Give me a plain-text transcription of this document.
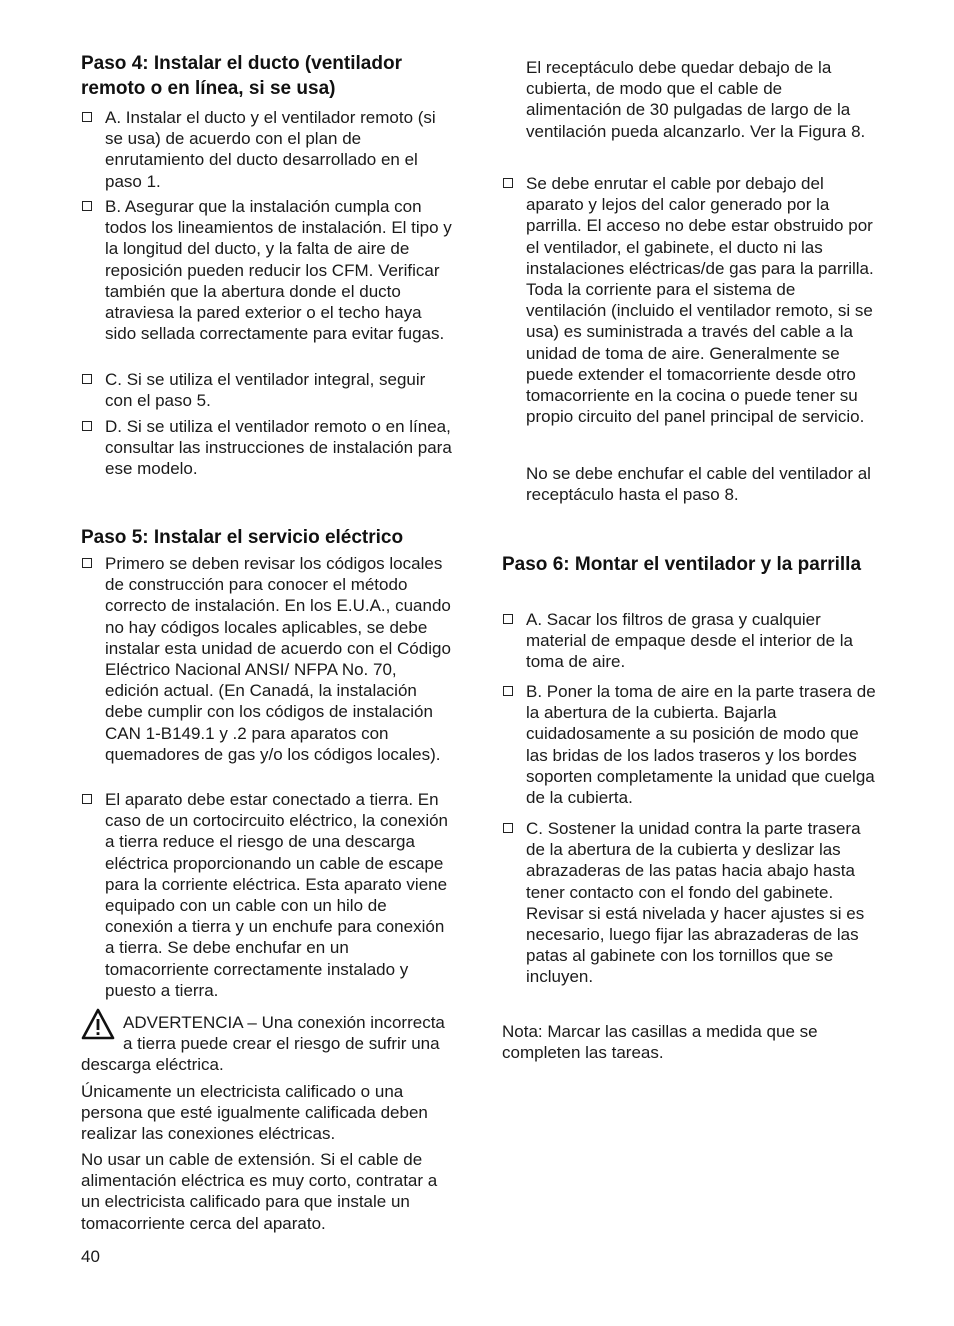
Paso 4: Instalar el ducto (ventilador remoto o en línea, si se usa)
A. Instalar el ducto y el ventilador remoto (si se usa) de acuerdo con el plan de enrutamiento del ducto desarrollado en el paso 1.
B. Asegurar que la instalación cumpla con todos los lineamientos de instalación. El tipo y la longitud del ducto, y la falta de aire de reposición pueden reducir los CFM. Verificar también que la abertura donde el ducto atraviesa la pared exterior o el techo haya sido sellada correctamente para evitar fugas.
C. Si se utiliza el ventilador integral, seguir con el paso 5.
D. Si se utiliza el ventilador remoto o en línea, consultar las instrucciones de instalación para ese modelo.
Paso 5: Instalar el servicio eléctrico
Primero se deben revisar los códigos locales de construcción para conocer el método correcto de instalación. En los E.U.A., cuando no hay códigos locales aplicables, se debe instalar esta unidad de acuerdo con el Código Eléctrico Nacional ANSI/ NFPA No. 70, edición actual. (En Canadá, la instalación debe cumplir con los códigos de instalación CAN 1-B149.1 y .2 para aparatos con quemadores de gas y/o los códigos locales).
El aparato debe estar conectado a tierra. En caso de un cortocircuito eléctrico, la conexión a tierra reduce el riesgo de una descarga eléctrica proporcionando un cable de escape para la corriente eléctrica. Esta aparato viene equipado con un cable con un hilo de conexión a tierra y un enchufe para conexión a tierra. Se debe enchufar en un tomacorriente correctamente instalado y puesto a tierra.
ADVERTENCIA – Una conexión incorrecta a tierra puede crear el riesgo de sufrir una descarga eléctrica.
Únicamente un electricista calificado o una persona que esté igualmente calificada deben realizar las conexiones eléctricas.
No usar un cable de extensión. Si el cable de alimentación eléctrica es muy corto, contratar a un electricista calificado para que instale un tomacorriente cerca del aparato.
El receptáculo debe quedar debajo de la cubierta, de modo que el cable de alimentación de 30 pulgadas de largo de la ventilación pueda alcanzarlo. Ver la Figura 8.
Se debe enrutar el cable por debajo del aparato y lejos del calor generado por la parrilla. El acceso no debe estar obstruido por el ventilador, el gabinete, el ducto ni las instalaciones eléctricas/de gas para la parrilla. Toda la corriente para el sistema de ventilación (incluido el ventilador remoto, si se usa) es suministrada a través del cable a la unidad de toma de aire. Generalmente se puede extender el tomacorriente desde otro tomacorriente en la cocina o puede tener su propio circuito del panel principal de servicio.
No se debe enchufar el cable del ventilador al receptáculo hasta el paso 8.
Paso 6: Montar el ventilador y la parrilla
A. Sacar los filtros de grasa y cualquier material de empaque desde el interior de la toma de aire.
B. Poner la toma de aire en la parte trasera de la abertura de la cubierta. Bajarla cuidadosamente a su posición de modo que las bridas de los lados traseros y los bordes soporten completamente la unidad que cuelga de la cubierta.
C. Sostener la unidad contra la parte trasera de la abertura de la cubierta y deslizar las abrazaderas de las patas hacia abajo hasta tener contacto con el fondo del gabinete. Revisar si está nivelada y hacer ajustes si es necesario, luego fijar las abrazaderas de las patas al gabinete con los tornillos que se incluyen.
Nota: Marcar las casillas a medida que se completen las tareas.
40
